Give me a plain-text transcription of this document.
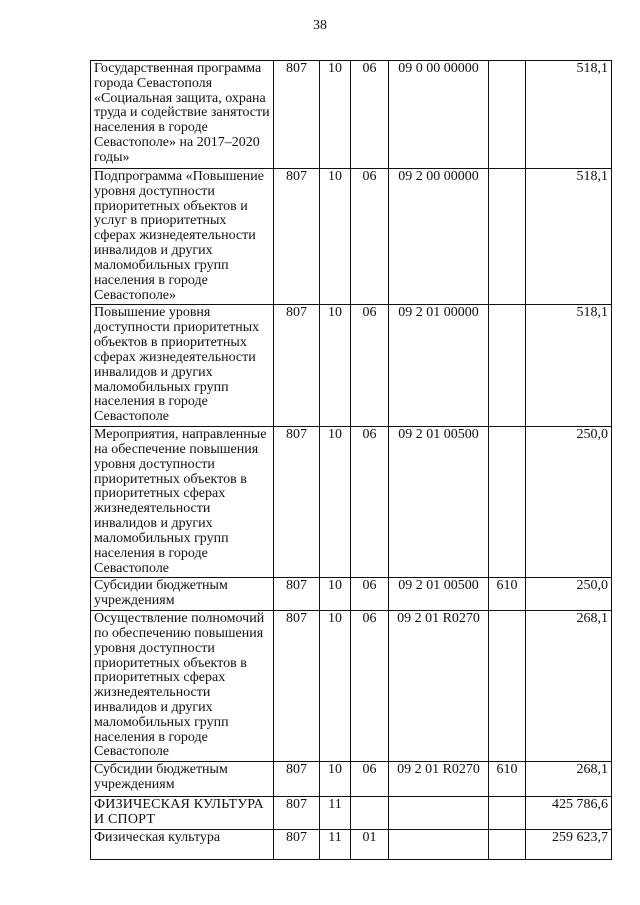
38
Государственная программа города Севастополя «Социальная защита, охрана труда и содействие занятости населения в городе Севастополе» на 2017–2020 годы»	807	10	06	09 0 00 00000		518,1
Подпрограмма «Повышение уровня доступности приоритетных объектов и услуг в приоритетных сферах жизнедеятельности инвалидов и других маломобильных групп населения в городе Севастополе»	807	10	06	09 2 00 00000		518,1
Повышение уровня доступности приоритетных объектов в приоритетных сферах жизнедеятельности инвалидов и других маломобильных групп населения в городе Севастополе	807	10	06	09 2 01 00000		518,1
Мероприятия, направленные на обеспечение повышения уровня доступности приоритетных объектов в приоритетных сферах жизнедеятельности инвалидов и других маломобильных групп населения в городе Севастополе	807	10	06	09 2 01 00500		250,0
Субсидии бюджетным учреждениям	807	10	06	09 2 01 00500	610	250,0
Осуществление полномочий по обеспечению повышения уровня доступности приоритетных объектов в приоритетных сферах жизнедеятельности инвалидов и других маломобильных групп населения в городе Севастополе	807	10	06	09 2 01 R0270		268,1
Субсидии бюджетным учреждениям	807	10	06	09 2 01 R0270	610	268,1
ФИЗИЧЕСКАЯ КУЛЬТУРА И СПОРТ	807	11				425 786,6
Физическая культура	807	11	01			259 623,7
